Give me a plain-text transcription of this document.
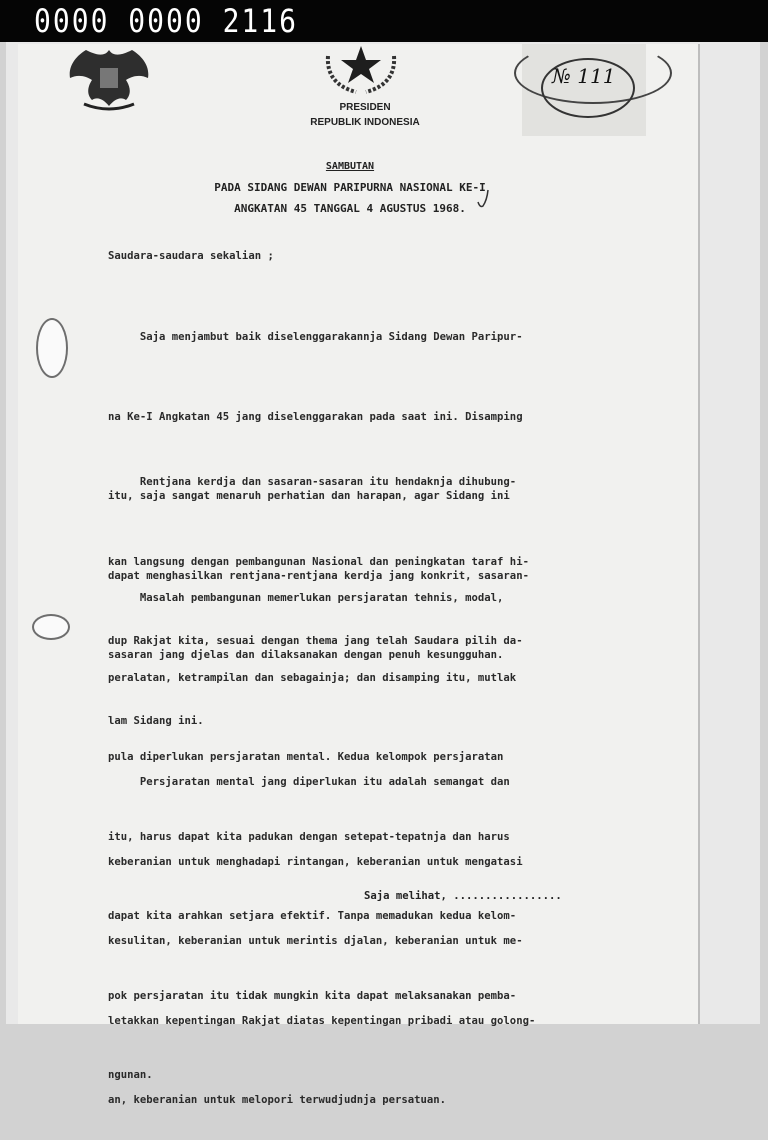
0000 0000 2116
PRESIDEN
REPUBLIK INDONESIA
№ 111
SAMBUTAN
PADA SIDANG DEWAN PARIPURNA NASIONAL KE-I
ANGKATAN 45 TANGGAL 4 AGUSTUS 1968.
Saudara-saudara sekalian ;

Saja menjambut baik diselenggarakannja Sidang Dewan Paripur-

na Ke-I Angkatan 45 jang diselenggarakan pada saat ini. Disamping

itu, saja sangat menaruh perhatian dan harapan, agar Sidang ini

dapat menghasilkan rentjana-rentjana kerdja jang konkrit, sasaran-

sasaran jang djelas dan dilaksanakan dengan penuh kesungguhan.

Rentjana kerdja dan sasaran-sasaran itu hendaknja dihubung-

kan langsung dengan pembangunan Nasional dan peningkatan taraf hi-

dup Rakjat kita, sesuai dengan thema jang telah Saudara pilih da-

lam Sidang ini.

Masalah pembangunan memerlukan persjaratan tehnis, modal,

peralatan, ketrampilan dan sebagainja; dan disamping itu, mutlak

pula diperlukan persjaratan mental. Kedua kelompok persjaratan

itu, harus dapat kita padukan dengan setepat-tepatnja dan harus

dapat kita arahkan setjara efektif. Tanpa memadukan kedua kelom-

pok persjaratan itu tidak mungkin kita dapat melaksanakan pemba-

ngunan.

Persjaratan mental jang diperlukan itu adalah semangat dan

keberanian untuk menghadapi rintangan, keberanian untuk mengatasi

kesulitan, keberanian untuk merintis djalan, keberanian untuk me-

letakkan kepentingan Rakjat diatas kepentingan pribadi atau golong-

an, keberanian untuk melopori terwudjudnja persatuan.

Saja melihat, .................
